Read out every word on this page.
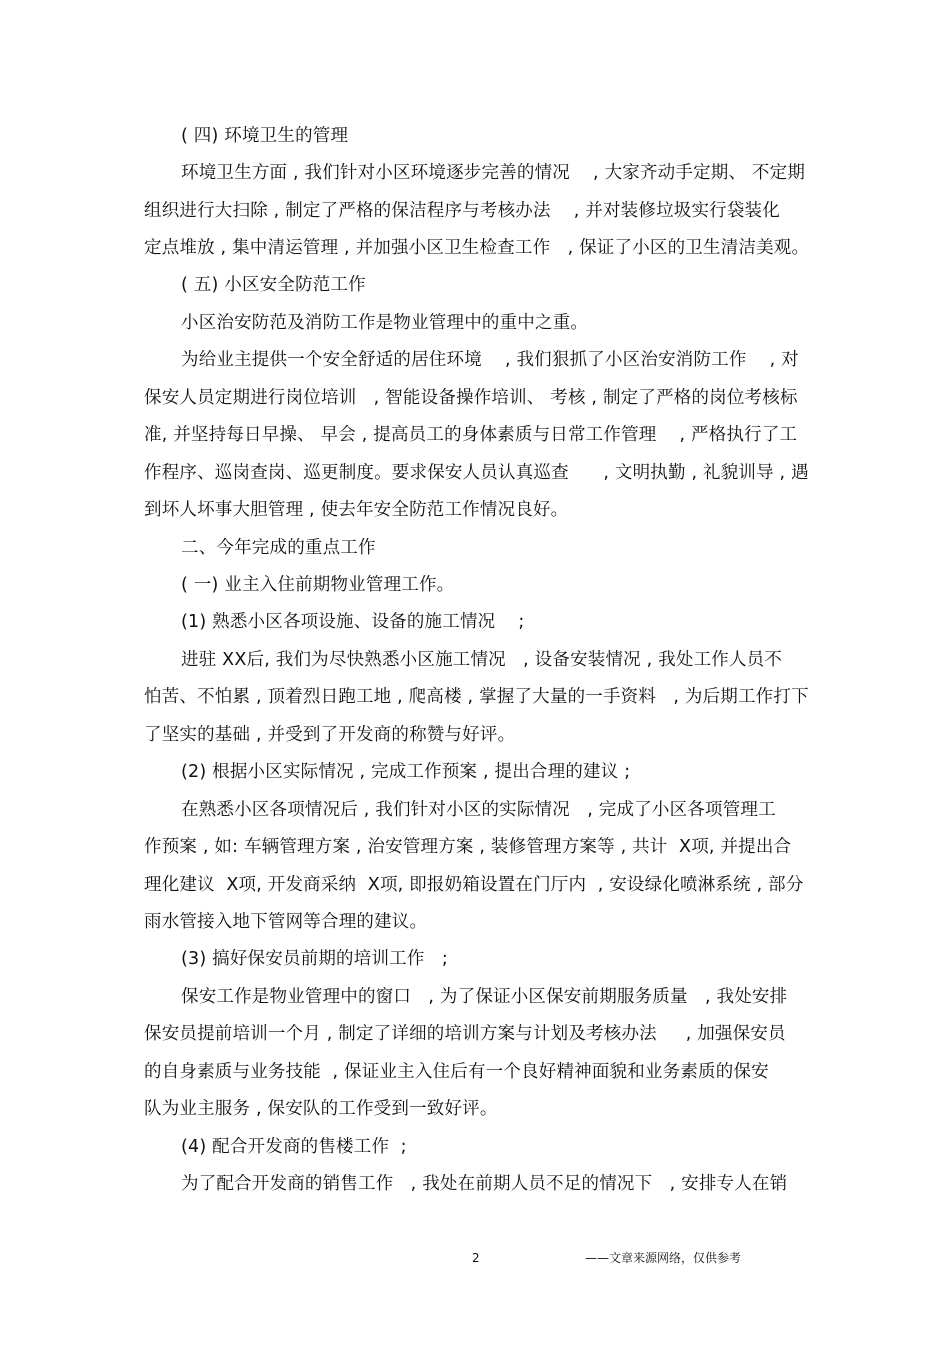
( 四) 环境卫生的管理
环境卫生方面 , 我们针对小区环境逐步完善的情况    , 大家齐动手定期、 不定期
组织进行大扫除 , 制定了严格的保洁程序与考核办法    , 并对装修垃圾实行袋装化
定点堆放 , 集中清运管理 , 并加强小区卫生检查工作   , 保证了小区的卫生清洁美观。
( 五) 小区安全防范工作
小区治安防范及消防工作是物业管理中的重中之重。
为给业主提供一个安全舒适的居住环境    , 我们狠抓了小区治安消防工作    , 对
保安人员定期进行岗位培训   , 智能设备操作培训、 考核 , 制定了严格的岗位考核标
准, 并坚持每日早操、 早会 , 提高员工的身体素质与日常工作管理    , 严格执行了工
作程序、巡岗查岗、巡更制度。要求保安人员认真巡查      , 文明执勤 , 礼貌训导 , 遇
到坏人坏事大胆管理 , 使去年安全防范工作情况良好。
二、今年完成的重点工作
( 一) 业主入住前期物业管理工作。
(1) 熟悉小区各项设施、设备的施工情况    ;
进驻 XX后, 我们为尽快熟悉小区施工情况   , 设备安装情况 , 我处工作人员不
怕苦、不怕累 , 顶着烈日跑工地 , 爬高楼 , 掌握了大量的一手资料   , 为后期工作打下
了坚实的基础 , 并受到了开发商的称赞与好评。
(2) 根据小区实际情况 , 完成工作预案 , 提出合理的建议 ;
在熟悉小区各项情况后 , 我们针对小区的实际情况   , 完成了小区各项管理工
作预案 , 如: 车辆管理方案 , 治安管理方案 , 装修管理方案等 , 共计  X项, 并提出合
理化建议  X项, 开发商采纳  X项, 即报奶箱设置在门厅内  , 安设绿化喷淋系统 , 部分
雨水管接入地下管网等合理的建议。
(3) 搞好保安员前期的培训工作   ;
保安工作是物业管理中的窗口   , 为了保证小区保安前期服务质量   , 我处安排
保安员提前培训一个月 , 制定了详细的培训方案与计划及考核办法     , 加强保安员
的自身素质与业务技能  , 保证业主入住后有一个良好精神面貌和业务素质的保安
队为业主服务 , 保安队的工作受到一致好评。
(4) 配合开发商的售楼工作  ;
为了配合开发商的销售工作   , 我处在前期人员不足的情况下   , 安排专人在销
2	——文章来源网络，仅供参考
